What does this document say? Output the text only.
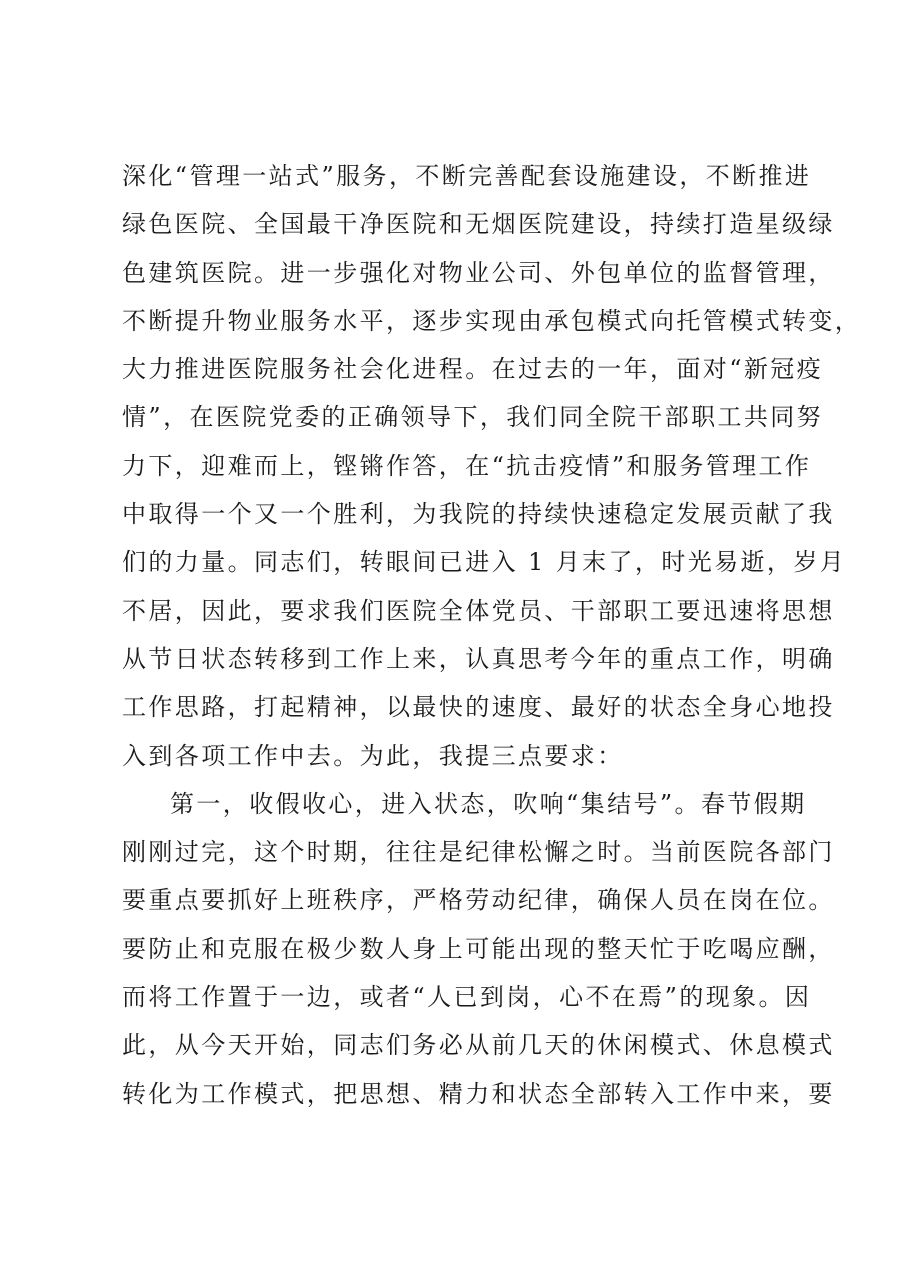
深化“管理一站式”服务，不断完善配套设施建设，不断推进
绿色医院、全国最干净医院和无烟医院建设，持续打造星级绿
色建筑医院。进一步强化对物业公司、外包单位的监督管理，
不断提升物业服务水平，逐步实现由承包模式向托管模式转变，
大力推进医院服务社会化进程。在过去的一年，面对“新冠疫
情”，在医院党委的正确领导下，我们同全院干部职工共同努
力下，迎难而上，铿锵作答，在“抗击疫情”和服务管理工作
中取得一个又一个胜利，为我院的持续快速稳定发展贡献了我
们的力量。同志们，转眼间已进入 1 月末了，时光易逝，岁月
不居，因此，要求我们医院全体党员、干部职工要迅速将思想
从节日状态转移到工作上来，认真思考今年的重点工作，明确
工作思路，打起精神，以最快的速度、最好的状态全身心地投
入到各项工作中去。为此，我提三点要求：
第一，收假收心，进入状态，吹响“集结号”。春节假期
刚刚过完，这个时期，往往是纪律松懈之时。当前医院各部门
要重点要抓好上班秩序，严格劳动纪律，确保人员在岗在位。
要防止和克服在极少数人身上可能出现的整天忙于吃喝应酬，
而将工作置于一边，或者“人已到岗，心不在焉”的现象。因
此，从今天开始，同志们务必从前几天的休闲模式、休息模式
转化为工作模式，把思想、精力和状态全部转入工作中来，要
